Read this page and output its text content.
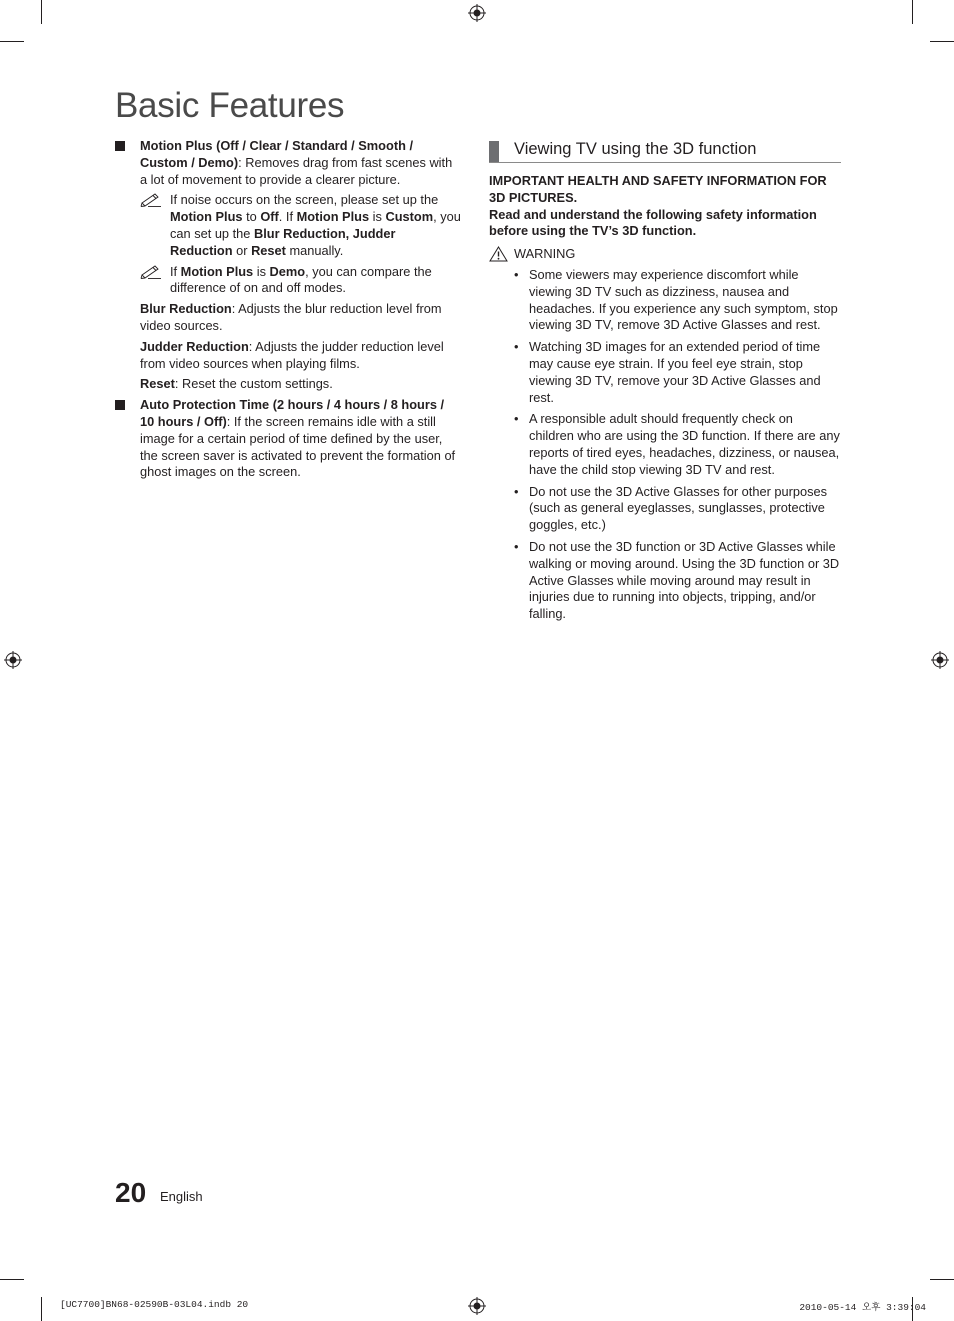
Basic Features
Motion Plus (Off / Clear / Standard / Smooth / Custom / Demo): Removes drag from fast scenes with a lot of movement to provide a clearer picture.
If noise occurs on the screen, please set up the Motion Plus to Off. If Motion Plus is Custom, you can set up the Blur Reduction, Judder Reduction or Reset manually.
If Motion Plus is Demo, you can compare the difference of on and off modes.
Blur Reduction: Adjusts the blur reduction level from video sources.
Judder Reduction: Adjusts the judder reduction level from video sources when playing films.
Reset: Reset the custom settings.
Auto Protection Time (2 hours / 4 hours / 8 hours / 10 hours / Off): If the screen remains idle with a still image for a certain period of time defined by the user, the screen saver is activated to prevent the formation of ghost images on the screen.
Viewing TV using the 3D function

IMPORTANT HEALTH AND SAFETY INFORMATION FOR 3D PICTURES.

Read and understand the following safety information before using the TV’s 3D function.

WARNING
• Some viewers may experience discomfort while viewing 3D TV such as dizziness, nausea and headaches. If you experience any such symptom, stop viewing 3D TV, remove 3D Active Glasses and rest.
• Watching 3D images for an extended period of time may cause eye strain. If you feel eye strain, stop viewing 3D TV, remove your 3D Active Glasses and rest.
• A responsible adult should frequently check on children who are using the 3D function. If there are any reports of tired eyes, headaches, dizziness, or nausea, have the child stop viewing 3D TV and rest.
• Do not use the 3D Active Glasses for other purposes (such as general eyeglasses, sunglasses, protective goggles, etc.)
• Do not use the 3D function or 3D Active Glasses while walking or moving around. Using the 3D function or 3D Active Glasses while moving around may result in injuries due to running into objects, tripping, and/or falling.
20 English
[UC7700]BN68-02590B-03L04.indb 20	2010-05-14 오후 3:39:04
